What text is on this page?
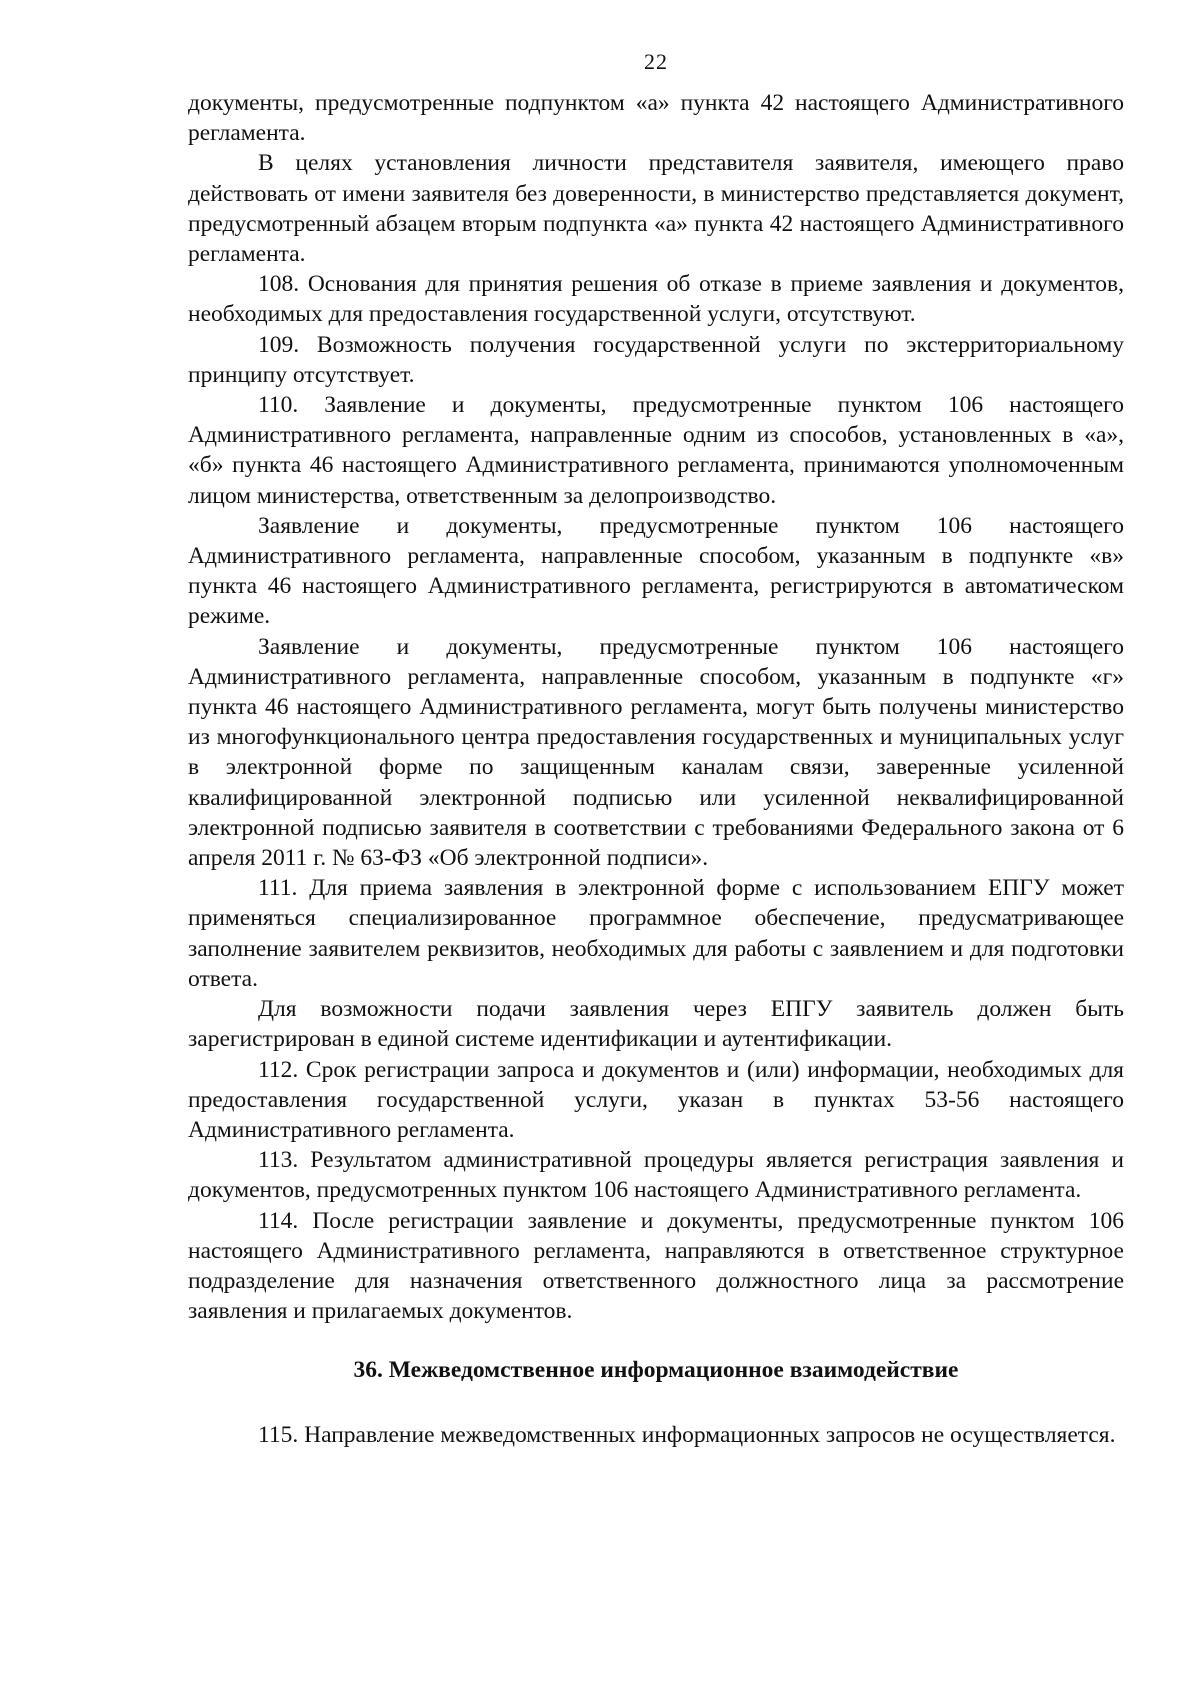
22

документы, предусмотренные подпунктом «а» пункта 42 настоящего Административного регламента.

В целях установления личности представителя заявителя, имеющего право действовать от имени заявителя без доверенности, в министерство представляется документ, предусмотренный абзацем вторым подпункта «а» пункта 42 настоящего Административного регламента.

108. Основания для принятия решения об отказе в приеме заявления и документов, необходимых для предоставления государственной услуги, отсутствуют.

109. Возможность получения государственной услуги по экстерриториальному принципу отсутствует.

110. Заявление и документы, предусмотренные пунктом 106 настоящего Административного регламента, направленные одним из способов, установленных в «а», «б» пункта 46 настоящего Административного регламента, принимаются уполномоченным лицом министерства, ответственным за делопроизводство.

Заявление и документы, предусмотренные пунктом 106 настоящего Административного регламента, направленные способом, указанным в подпункте «в» пункта 46 настоящего Административного регламента, регистрируются в автоматическом режиме.

Заявление и документы, предусмотренные пунктом 106 настоящего Административного регламента, направленные способом, указанным в подпункте «г» пункта 46 настоящего Административного регламента, могут быть получены министерство из многофункционального центра предоставления государственных и муниципальных услуг в электронной форме по защищенным каналам связи, заверенные усиленной квалифицированной электронной подписью или усиленной неквалифицированной электронной подписью заявителя в соответствии с требованиями Федерального закона от 6 апреля 2011 г. № 63-ФЗ «Об электронной подписи».

111. Для приема заявления в электронной форме с использованием ЕПГУ может применяться специализированное программное обеспечение, предусматривающее заполнение заявителем реквизитов, необходимых для работы с заявлением и для подготовки ответа.

Для возможности подачи заявления через ЕПГУ заявитель должен быть зарегистрирован в единой системе идентификации и аутентификации.

112. Срок регистрации запроса и документов и (или) информации, необходимых для предоставления государственной услуги, указан в пунктах 53-56 настоящего Административного регламента.

113. Результатом административной процедуры является регистрация заявления и документов, предусмотренных пунктом 106 настоящего Административного регламента.

114. После регистрации заявление и документы, предусмотренные пунктом 106 настоящего Административного регламента, направляются в ответственное структурное подразделение для назначения ответственного должностного лица за рассмотрение заявления и прилагаемых документов.

36. Межведомственное информационное взаимодействие

115. Направление межведомственных информационных запросов не осуществляется.
